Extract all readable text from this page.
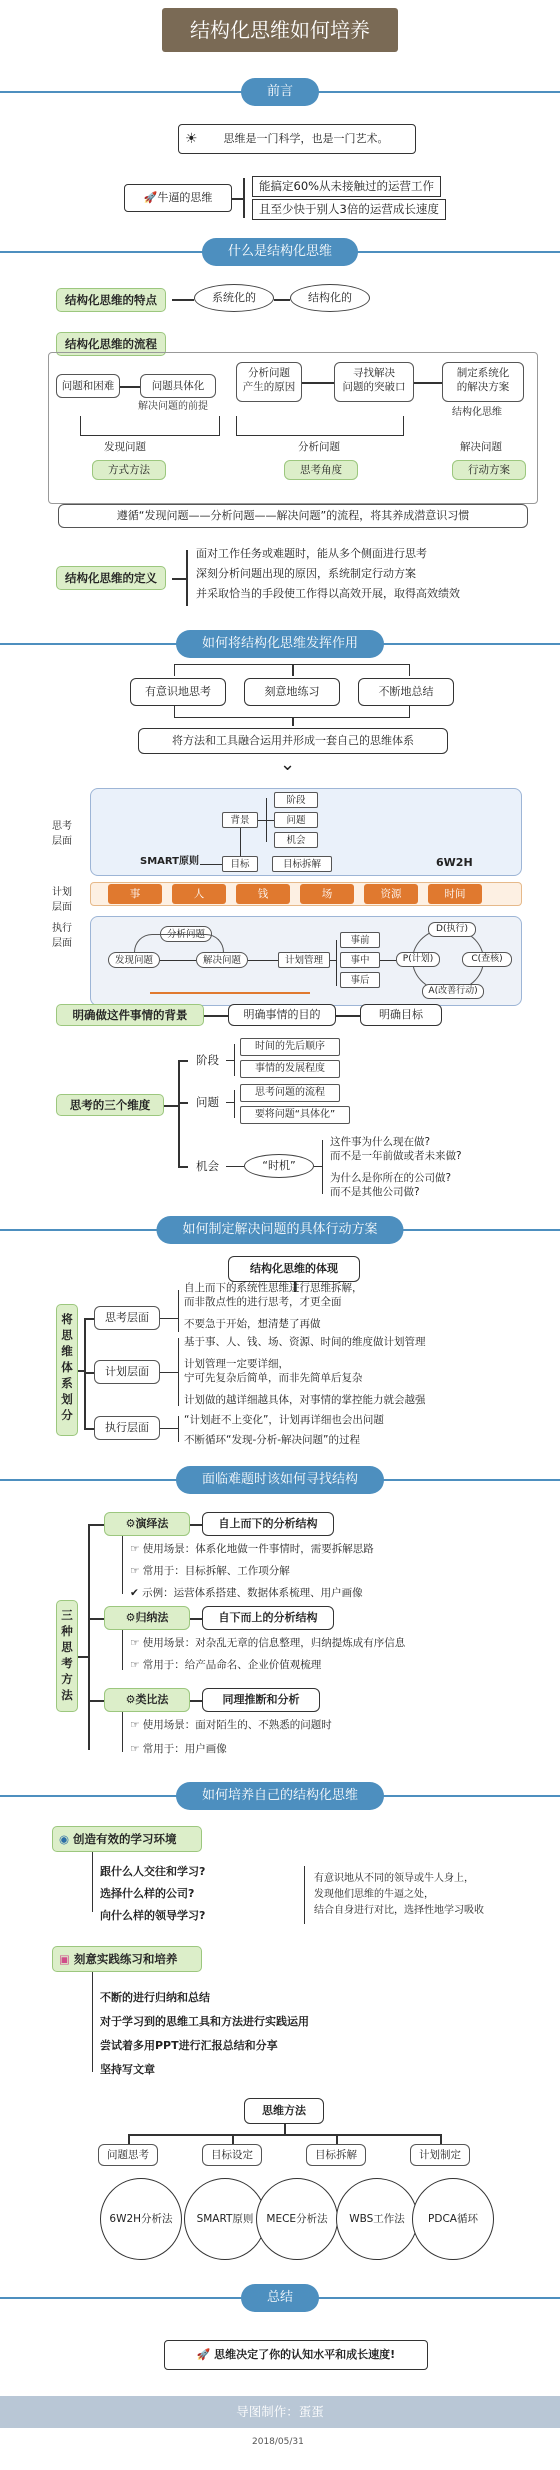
结构化思维如何培养
前言
☀ 思维是一门科学，也是一门艺术。
🚀牛逼的思维
能搞定60%从未接触过的运营工作
且至少快于别人3倍的运营成长速度
什么是结构化思维
结构化思维的特点	系统化的	结构化的
结构化思维的流程
问题和困难	问题具体化
解决问题的前提
分析问题
产生的原因
寻找解决
问题的突破口
制定系统化
的解决方案
结构化思维
发现问题
方式方法
分析问题
思考角度
解决问题
行动方案
遵循“发现问题——分析问题——解决问题”的流程，将其养成潜意识习惯
结构化思维的定义
面对工作任务或难题时，能从多个侧面进行思考
深刻分析问题出现的原因，系统制定行动方案
并采取恰当的手段使工作得以高效开展，取得高效绩效
如何将结构化思维发挥作用
有意识地思考	刻意地练习	不断地总结
将方法和工具融合运用并形成一套自己的思维体系
⌄
思考
层面
计划
层面
执行
层面
阶段
问题
机会
背景
目标	目标拆解
SMART原则	6W2H
事	人	钱	场	资源	时间
分析问题
发现问题	解决问题	计划管理
事前
事中
事后
D(执行)
P(计划)	C(查核)
A(改善行动)
明确做这件事情的背景	明确事情的目的	明确目标
思考的三个维度
阶段
问题
机会
时间的先后顺序
事情的发展程度
思考问题的流程
要将问题“具体化”
“时机”
这件事为什么现在做?
而不是一年前做或者未来做?
为什么是你所在的公司做?
而不是其他公司做?
如何制定解决问题的具体行动方案
结构化思维的体现
将
思
维
体
系
划
分
思考层面
计划层面
执行层面
自上而下的系统性思维进行思维拆解，
而非散点性的进行思考，才更全面
不要急于开始，想清楚了再做
基于事、人、钱、场、资源、时间的维度做计划管理
计划管理一定要详细，
宁可先复杂后简单，而非先简单后复杂
计划做的越详细越具体，对事情的掌控能力就会越强
“计划赶不上变化”，计划再详细也会出问题
不断循环“发现-分析-解决问题”的过程
面临难题时该如何寻找结构
三
种
思
考
方
法
⚙演绎法	自上而下的分析结构
☞ 使用场景：体系化地做一件事情时，需要拆解思路
☞ 常用于：目标拆解、工作项分解
✔ 示例：运营体系搭建、数据体系梳理、用户画像
⚙归纳法	自下而上的分析结构
☞ 使用场景：对杂乱无章的信息整理，归纳提炼成有序信息
☞ 常用于：给产品命名、企业价值观梳理
⚙类比法	同理推断和分析
☞ 使用场景：面对陌生的、不熟悉的问题时
☞ 常用于：用户画像
如何培养自己的结构化思维
◉ 创造有效的学习环境
跟什么人交往和学习?
选择什么样的公司?
向什么样的领导学习?
有意识地从不同的领导或牛人身上，
发现他们思维的牛逼之处，
结合自身进行对比，选择性地学习吸收
▣ 刻意实践练习和培养
不断的进行归纳和总结
对于学习到的思维工具和方法进行实践运用
尝试着多用PPT进行汇报总结和分享
坚持写文章
思维方法
问题思考	目标设定	目标拆解	计划制定
6W2H分析法	SMART原则	MECE分析法	WBS工作法	PDCA循环
总结
🚀 思维决定了你的认知水平和成长速度!
导图制作：蛋蛋
2018/05/31
